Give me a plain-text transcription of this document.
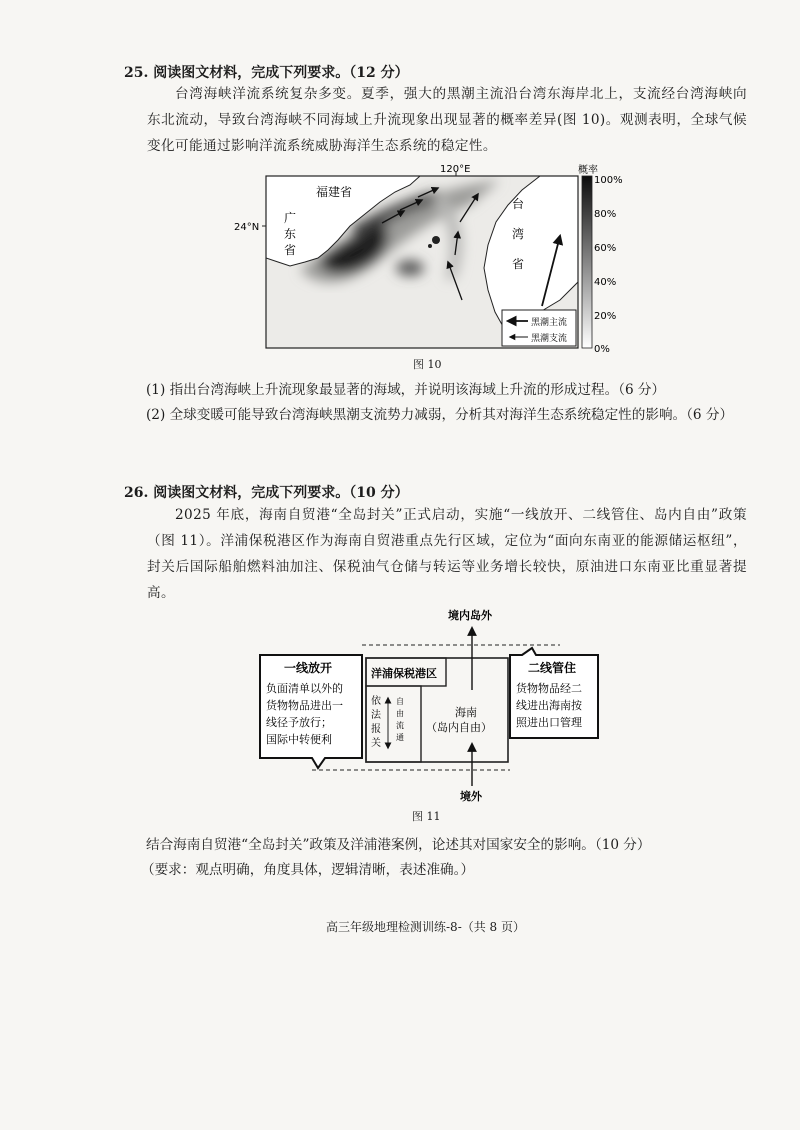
25. 阅读图文材料，完成下列要求。（12 分）
台湾海峡洋流系统复杂多变。夏季，强大的黑潮主流沿台湾东海岸北上，支流经台湾海峡向东北流动，导致台湾海峡不同海域上升流现象出现显著的概率差异(图 10)。观测表明，全球气候变化可能通过影响洋流系统威胁海洋生态系统的稳定性。
120°E
24°N
福建省
广
东
省
台
湾
省
黑潮主流
黑潮支流
概率
100%
80%
60%
40%
20%
0%
图 10
(1) 指出台湾海峡上升流现象最显著的海域，并说明该海域上升流的形成过程。（6 分）
(2) 全球变暖可能导致台湾海峡黑潮支流势力减弱，分析其对海洋生态系统稳定性的影响。（6 分）
26. 阅读图文材料，完成下列要求。（10 分）
2025 年底，海南自贸港“全岛封关”正式启动，实施“一线放开、二线管住、岛内自由”政策（图 11）。洋浦保税港区作为海南自贸港重点先行区域，定位为“面向东南亚的能源储运枢纽”，封关后国际船舶燃料油加注、保税油气仓储与转运等业务增长较快，原油进口东南亚比重显著提高。
境内岛外
境外
洋浦保税港区
依
法
报
关
自
由
流
通
海南
（岛内自由）
一线放开
负面清单以外的
货物物品进出一
线径予放行；
国际中转便利
二线管住
货物物品经二
线进出海南按
照进出口管理
图 11
结合海南自贸港“全岛封关”政策及洋浦港案例，论述其对国家安全的影响。（10 分）
（要求：观点明确，角度具体，逻辑清晰，表述准确。）
高三年级地理检测训练-8-（共 8 页）
